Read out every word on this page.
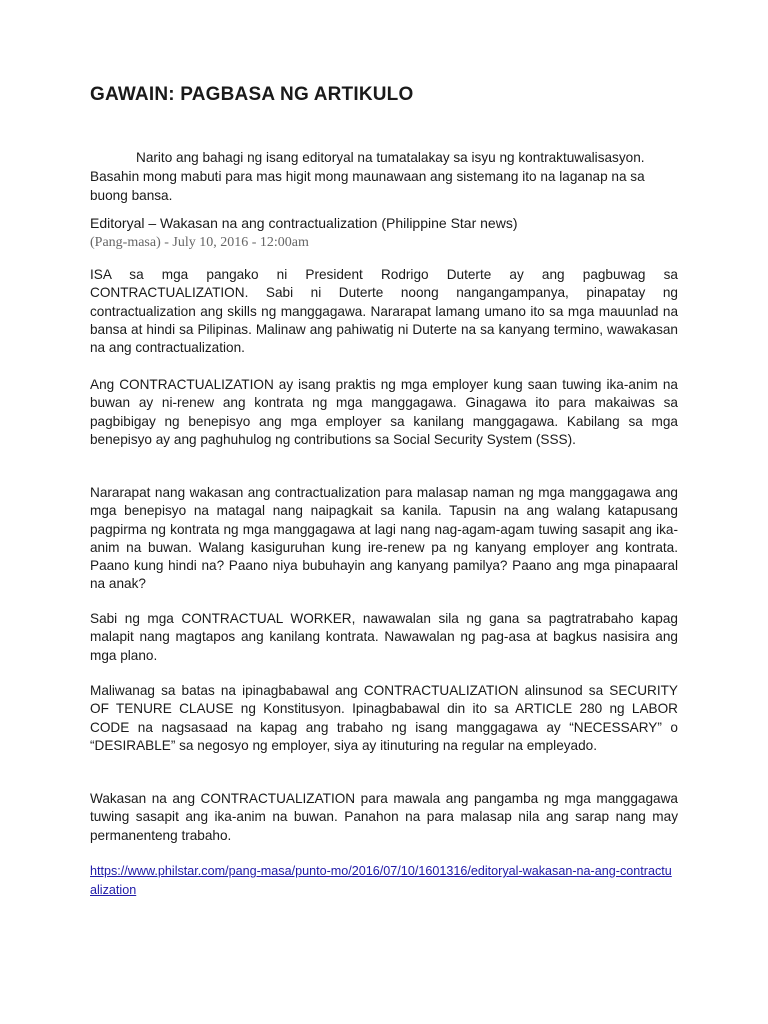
GAWAIN: PAGBASA NG ARTIKULO

Narito ang bahagi ng isang editoryal na tumatalakay sa isyu ng kontraktuwalisasyon. Basahin mong mabuti para mas higit mong maunawaan ang sistemang ito na laganap na sa buong bansa.

Editoryal – Wakasan na ang contractualization (Philippine Star news)

(Pang-masa) - July 10, 2016 - 12:00am

ISA sa mga pangako ni President Rodrigo Duterte ay ang pagbuwag sa CONTRACTUALIZATION. Sabi ni Duterte noong nangangampanya, pinapatay ng contractualization ang skills ng manggagawa. Nararapat lamang umano ito sa mga mauunlad na bansa at hindi sa Pilipinas. Malinaw ang pahiwatig ni Duterte na sa kanyang termino, wawakasan na ang contractualization.

Ang CONTRACTUALIZATION ay isang praktis ng mga employer kung saan tuwing ika-anim na buwan ay ni-renew ang kontrata ng mga manggagawa. Ginagawa ito para makaiwas sa pagbibigay ng benepisyo ang mga employer sa kanilang manggagawa. Kabilang sa mga benepisyo ay ang paghuhulog ng contributions sa Social Security System (SSS).

Nararapat nang wakasan ang contractualization para malasap naman ng mga manggagawa ang mga benepisyo na matagal nang naipagkait sa kanila. Tapusin na ang walang katapusang pagpirma ng kontrata ng mga manggagawa at lagi nang nag-agam-agam tuwing sasapit ang ika-anim na buwan. Walang kasiguruhan kung ire-renew pa ng kanyang employer ang kontrata. Paano kung hindi na? Paano niya bubuhayin ang kanyang pamilya? Paano ang mga pinapaaral na anak?

Sabi ng mga CONTRACTUAL WORKER, nawawalan sila ng gana sa pagtratrabaho kapag malapit nang magtapos ang kanilang kontrata. Nawawalan ng pag-asa at bagkus nasisira ang mga plano.

Maliwanag sa batas na ipinagbabawal ang CONTRACTUALIZATION alinsunod sa SECURITY OF TENURE CLAUSE ng Konstitusyon. Ipinagbabawal din ito sa ARTICLE 280 ng LABOR CODE na nagsasaad na kapag ang trabaho ng isang manggagawa ay “NECESSARY” o “DESIRABLE” sa negosyo ng employer, siya ay itinuturing na regular na empleyado.

Wakasan na ang CONTRACTUALIZATION para mawala ang pangamba ng mga manggagawa tuwing sasapit ang ika-anim na buwan. Panahon na para malasap nila ang sarap nang may permanenteng trabaho.

https://www.philstar.com/pang-masa/punto-mo/2016/07/10/1601316/editoryal-wakasan-na-ang-contractualization
